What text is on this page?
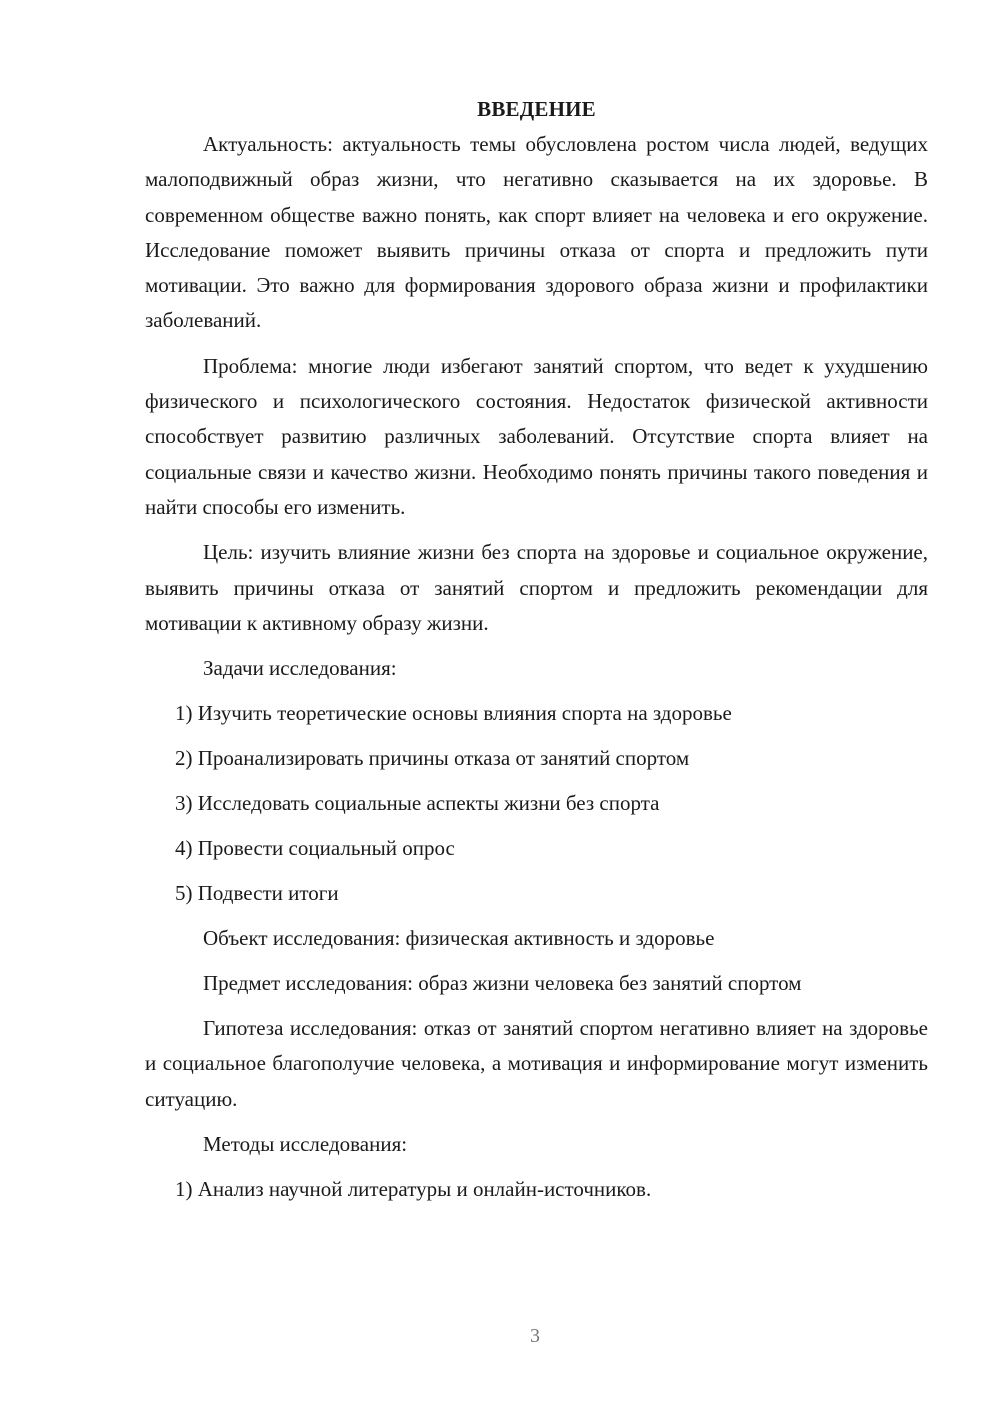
ВВЕДЕНИЕ

Актуальность: актуальность темы обусловлена ростом числа людей, ведущих малоподвижный образ жизни, что негативно сказывается на их здоровье. В современном обществе важно понять, как спорт влияет на человека и его окружение. Исследование поможет выявить причины отказа от спорта и предложить пути мотивации. Это важно для формирования здорового образа жизни и профилактики заболеваний.

Проблема: многие люди избегают занятий спортом, что ведет к ухудшению физического и психологического состояния. Недостаток физической активности способствует развитию различных заболеваний. Отсутствие спорта влияет на социальные связи и качество жизни. Необходимо понять причины такого поведения и найти способы его изменить.

Цель: изучить влияние жизни без спорта на здоровье и социальное окружение, выявить причины отказа от занятий спортом и предложить рекомендации для мотивации к активному образу жизни.

Задачи исследования:

1) Изучить теоретические основы влияния спорта на здоровье

2) Проанализировать причины отказа от занятий спортом

3) Исследовать социальные аспекты жизни без спорта

4) Провести социальный опрос

5) Подвести итоги

Объект исследования: физическая активность и здоровье

Предмет исследования: образ жизни человека без занятий спортом

Гипотеза исследования: отказ от занятий спортом негативно влияет на здоровье и социальное благополучие человека, а мотивация и информирование могут изменить ситуацию.

Методы исследования:

1) Анализ научной литературы и онлайн-источников.

3
